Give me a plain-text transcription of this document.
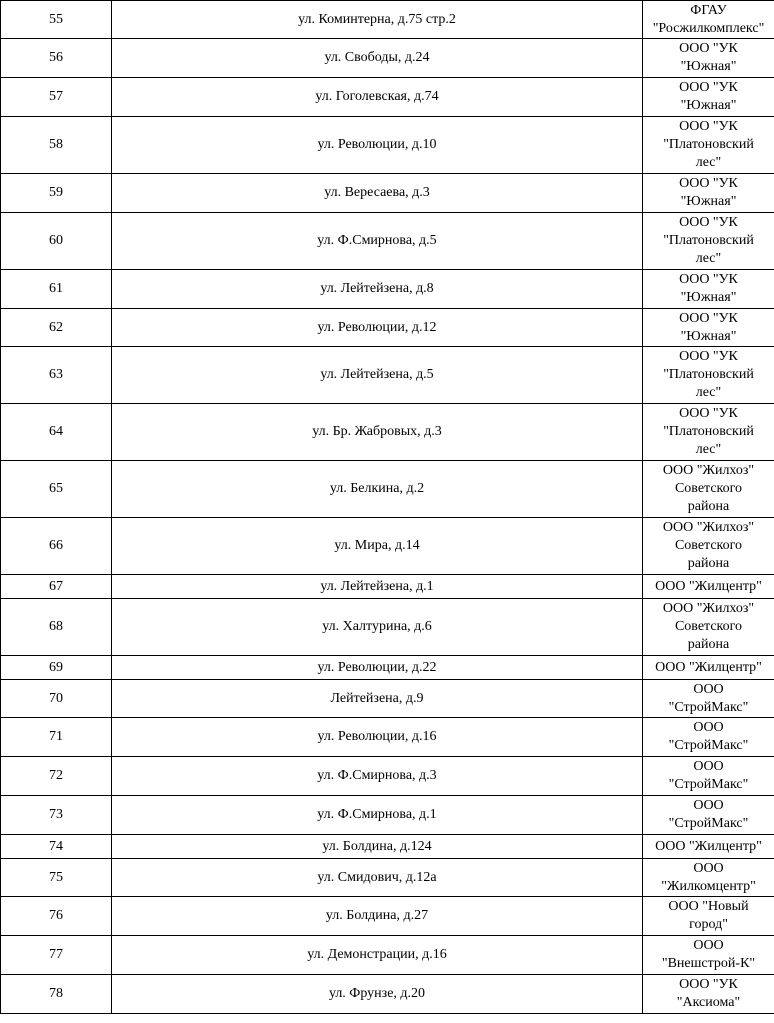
55	ул. Коминтерна, д.75 стр.2	ФГАУ
"Росжилкомплекс"
56	ул. Свободы, д.24	ООО "УК
"Южная"
57	ул. Гоголевская, д.74	ООО "УК
"Южная"
58	ул. Революции, д.10	ООО "УК
"Платоновский
лес"
59	ул. Вересаева, д.3	ООО "УК
"Южная"
60	ул. Ф.Смирнова, д.5	ООО "УК
"Платоновский
лес"
61	ул. Лейтейзена, д.8	ООО "УК
"Южная"
62	ул. Революции, д.12	ООО "УК
"Южная"
63	ул. Лейтейзена, д.5	ООО "УК
"Платоновский
лес"
64	ул. Бр. Жабровых, д.3	ООО "УК
"Платоновский
лес"
65	ул. Белкина, д.2	ООО "Жилхоз"
Советского
района
66	ул. Мира, д.14	ООО "Жилхоз"
Советского
района
67	ул. Лейтейзена, д.1	ООО "Жилцентр"
68	ул. Халтурина, д.6	ООО "Жилхоз"
Советского
района
69	ул. Революции, д.22	ООО "Жилцентр"
70	Лейтейзена, д.9	ООО
"СтройМакс"
71	ул. Революции, д.16	ООО
"СтройМакс"
72	ул. Ф.Смирнова, д.3	ООО
"СтройМакс"
73	ул. Ф.Смирнова, д.1	ООО
"СтройМакс"
74	ул. Болдина, д.124	ООО "Жилцентр"
75	ул. Смидович, д.12а	ООО
"Жилкомцентр"
76	ул. Болдина, д.27	ООО "Новый
город"
77	ул. Демонстрации, д.16	ООО
"Внешстрой-К"
78	ул. Фрунзе, д.20	ООО "УК
"Аксиома"
